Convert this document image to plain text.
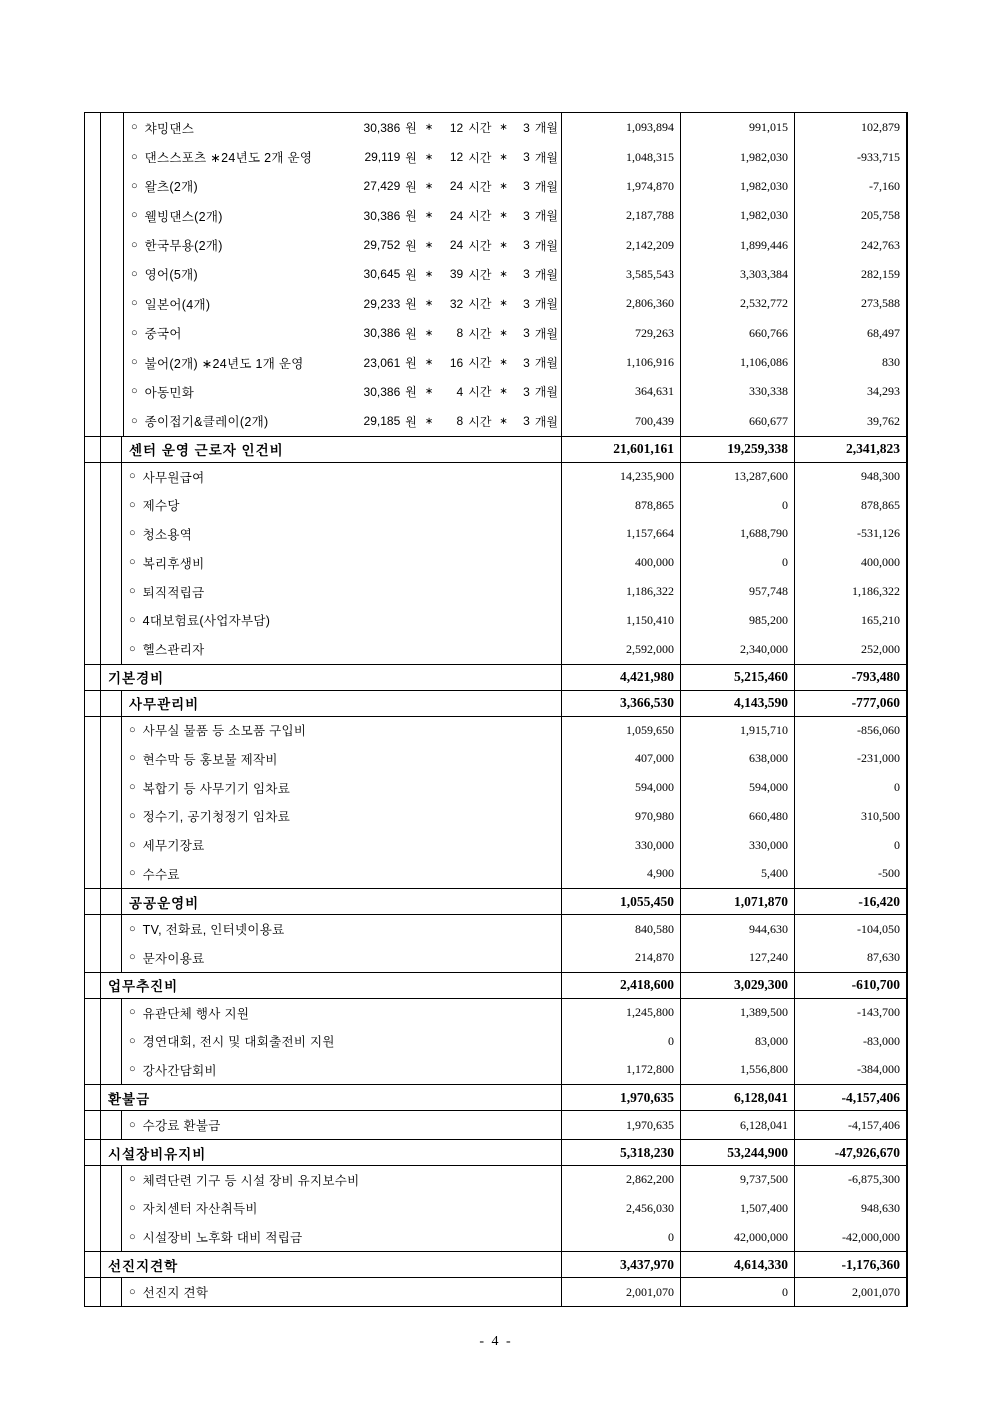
○ 챠밍댄스	30,386 원 ∗	12 시간 ∗	3 개월	1,093,894	991,015	102,879
○ 댄스스포츠 ∗24년도 2개 운영	29,119 원 ∗	12 시간 ∗	3 개월	1,048,315	1,982,030	-933,715
○ 왈츠(2개)	27,429 원 ∗	24 시간 ∗	3 개월	1,974,870	1,982,030	-7,160
○ 웰빙댄스(2개)	30,386 원 ∗	24 시간 ∗	3 개월	2,187,788	1,982,030	205,758
○ 한국무용(2개)	29,752 원 ∗	24 시간 ∗	3 개월	2,142,209	1,899,446	242,763
○ 영어(5개)	30,645 원 ∗	39 시간 ∗	3 개월	3,585,543	3,303,384	282,159
○ 일본어(4개)	29,233 원 ∗	32 시간 ∗	3 개월	2,806,360	2,532,772	273,588
○ 중국어	30,386 원 ∗	8 시간 ∗	3 개월	729,263	660,766	68,497
○ 불어(2개) ∗24년도 1개 운영	23,061 원 ∗	16 시간 ∗	3 개월	1,106,916	1,106,086	830
○ 아동민화	30,386 원 ∗	4 시간 ∗	3 개월	364,631	330,338	34,293
○ 종이접기&클레이(2개)	29,185 원 ∗	8 시간 ∗	3 개월	700,439	660,677	39,762
센터 운영 근로자 인건비	21,601,161	19,259,338	2,341,823
○ 사무원급여	14,235,900	13,287,600	948,300
○ 제수당	878,865	0	878,865
○ 청소용역	1,157,664	1,688,790	-531,126
○ 복리후생비	400,000	0	400,000
○ 퇴직적립금	1,186,322	957,748	1,186,322
○ 4대보험료(사업자부담)	1,150,410	985,200	165,210
○ 헬스관리자	2,592,000	2,340,000	252,000
기본경비	4,421,980	5,215,460	-793,480
사무관리비	3,366,530	4,143,590	-777,060
○ 사무실 물품 등 소모품 구입비	1,059,650	1,915,710	-856,060
○ 현수막 등 홍보물 제작비	407,000	638,000	-231,000
○ 복합기 등 사무기기 임차료	594,000	594,000	0
○ 정수기, 공기청정기 임차료	970,980	660,480	310,500
○ 세무기장료	330,000	330,000	0
○ 수수료	4,900	5,400	-500
공공운영비	1,055,450	1,071,870	-16,420
○ TV, 전화료, 인터넷이용료	840,580	944,630	-104,050
○ 문자이용료	214,870	127,240	87,630
업무추진비	2,418,600	3,029,300	-610,700
○ 유관단체 행사 지원	1,245,800	1,389,500	-143,700
○ 경연대회, 전시 및 대회출전비 지원	0	83,000	-83,000
○ 강사간담회비	1,172,800	1,556,800	-384,000
환불금	1,970,635	6,128,041	-4,157,406
○ 수강료 환불금	1,970,635	6,128,041	-4,157,406
시설장비유지비	5,318,230	53,244,900	-47,926,670
○ 체력단련 기구 등 시설 장비 유지보수비	2,862,200	9,737,500	-6,875,300
○ 자치센터 자산취득비	2,456,030	1,507,400	948,630
○ 시설장비 노후화 대비 적립금	0	42,000,000	-42,000,000
선진지견학	3,437,970	4,614,330	-1,176,360
○ 선진지 견학	2,001,070	0	2,001,070
- 4 -
